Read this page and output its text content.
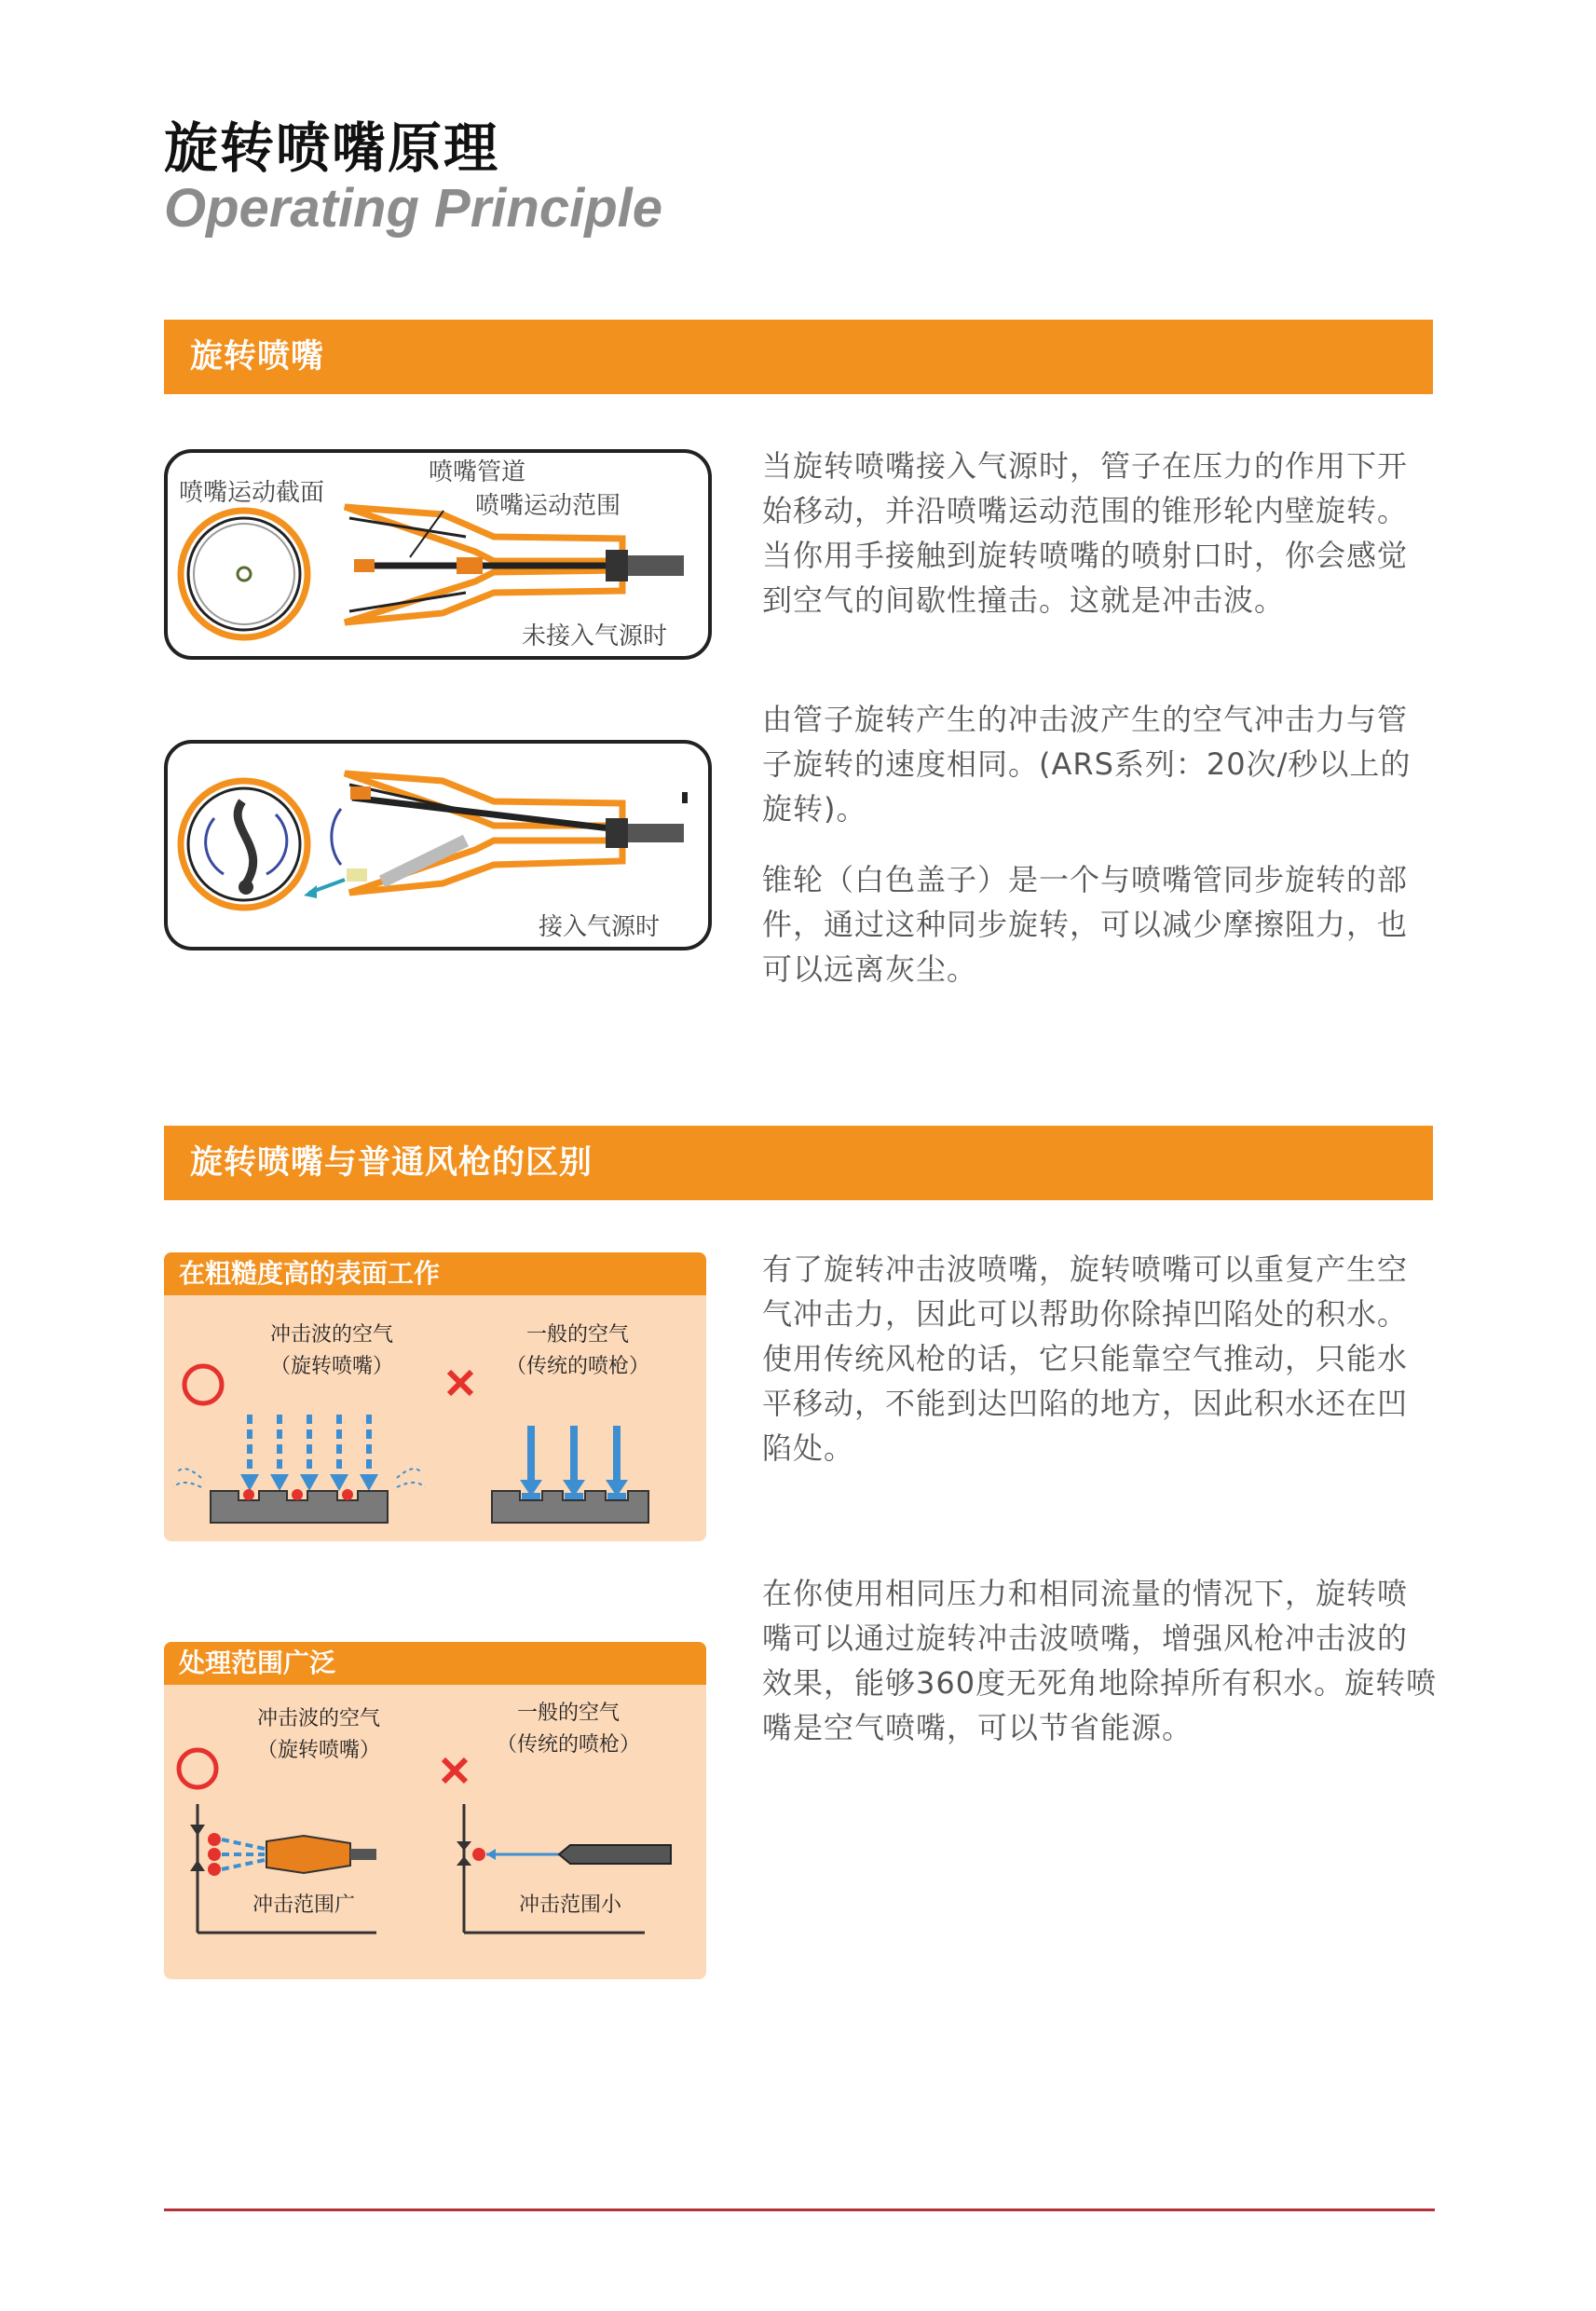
旋转喷嘴原理
Operating Principle
旋转喷嘴
喷嘴运动截面
喷嘴管道
喷嘴运动范围
未接入气源时
接入气源时
当旋转喷嘴接入气源时，管子在压力的作用下开始移动，并沿喷嘴运动范围的锥形轮内壁旋转。当你用手接触到旋转喷嘴的喷射口时，你会感觉到空气的间歇性撞击。这就是冲击波。
由管子旋转产生的冲击波产生的空气冲击力与管子旋转的速度相同。(ARS系列：20次/秒以上的旋转)。
锥轮（白色盖子）是一个与喷嘴管同步旋转的部件，通过这种同步旋转，可以减少摩擦阻力，也可以远离灰尘。
旋转喷嘴与普通风枪的区别
在粗糙度高的表面工作
冲击波的空气
（旋转喷嘴）
一般的空气
（传统的喷枪）
处理范围广泛
冲击波的空气
（旋转喷嘴）
一般的空气
（传统的喷枪）
冲击范围广	冲击范围小
有了旋转冲击波喷嘴，旋转喷嘴可以重复产生空气冲击力，因此可以帮助你除掉凹陷处的积水。使用传统风枪的话，它只能靠空气推动，只能水平移动，不能到达凹陷的地方，因此积水还在凹陷处。
在你使用相同压力和相同流量的情况下，旋转喷嘴可以通过旋转冲击波喷嘴，增强风枪冲击波的效果，能够360度无死角地除掉所有积水。旋转喷嘴是空气喷嘴，可以节省能源。
